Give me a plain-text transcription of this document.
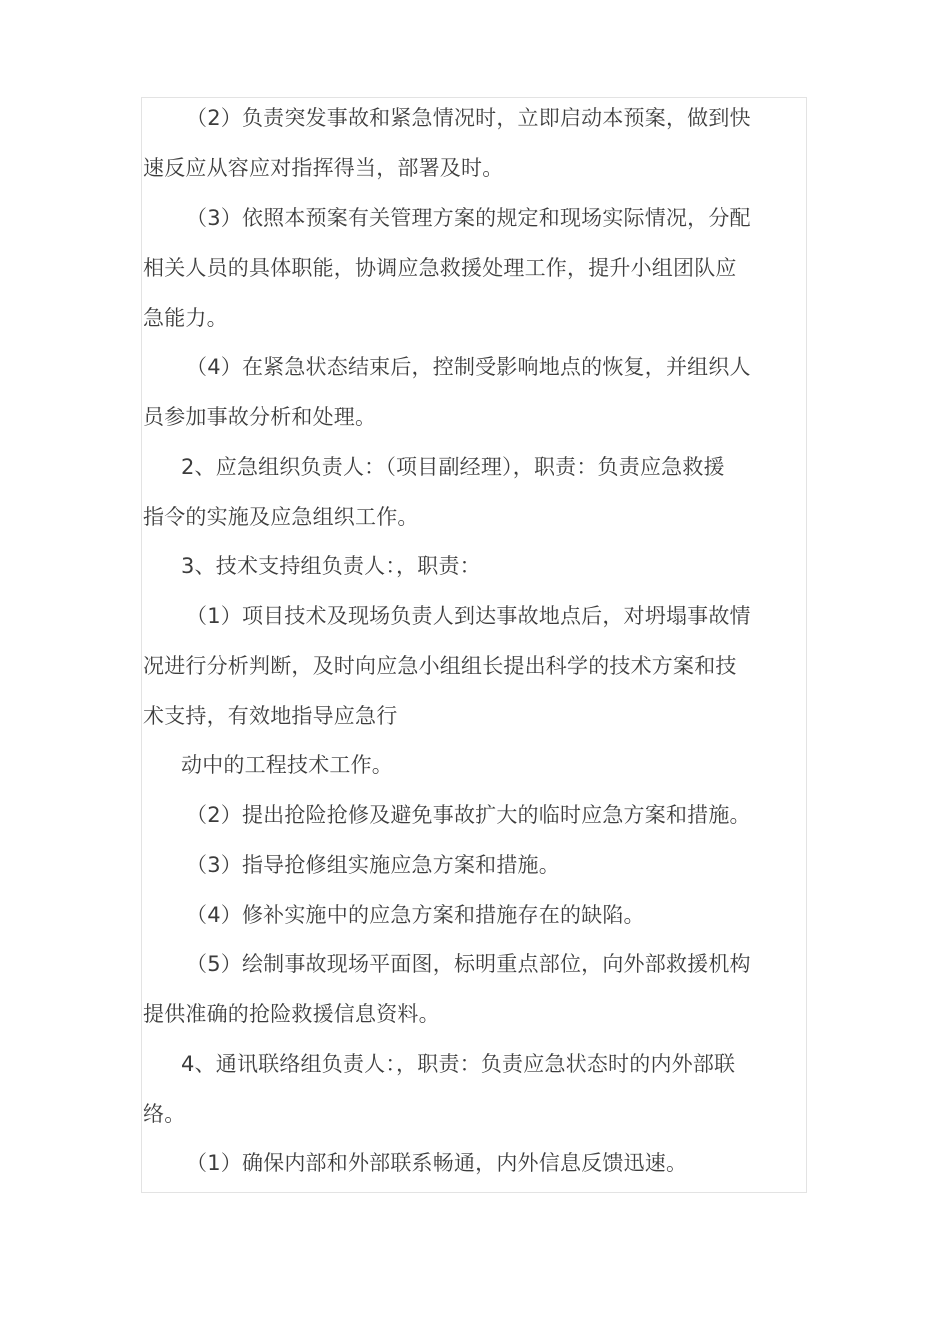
（2）负责突发事故和紧急情况时，立即启动本预案，做到快
速反应从容应对指挥得当，部署及时。
（3）依照本预案有关管理方案的规定和现场实际情况，分配
相关人员的具体职能，协调应急救援处理工作，提升小组团队应
急能力。
（4）在紧急状态结束后，控制受影响地点的恢复，并组织人
员参加事故分析和处理。
2、应急组织负责人：（项目副经理），职责：负责应急救援
指令的实施及应急组织工作。
3、技术支持组负责人：，职责：
（1）项目技术及现场负责人到达事故地点后，对坍塌事故情
况进行分析判断，及时向应急小组组长提出科学的技术方案和技
术支持，有效地指导应急行
动中的工程技术工作。
（2）提出抢险抢修及避免事故扩大的临时应急方案和措施。
（3）指导抢修组实施应急方案和措施。
（4）修补实施中的应急方案和措施存在的缺陷。
（5）绘制事故现场平面图，标明重点部位，向外部救援机构
提供准确的抢险救援信息资料。
4、通讯联络组负责人：，职责：负责应急状态时的内外部联
络。
（1）确保内部和外部联系畅通，内外信息反馈迅速。
